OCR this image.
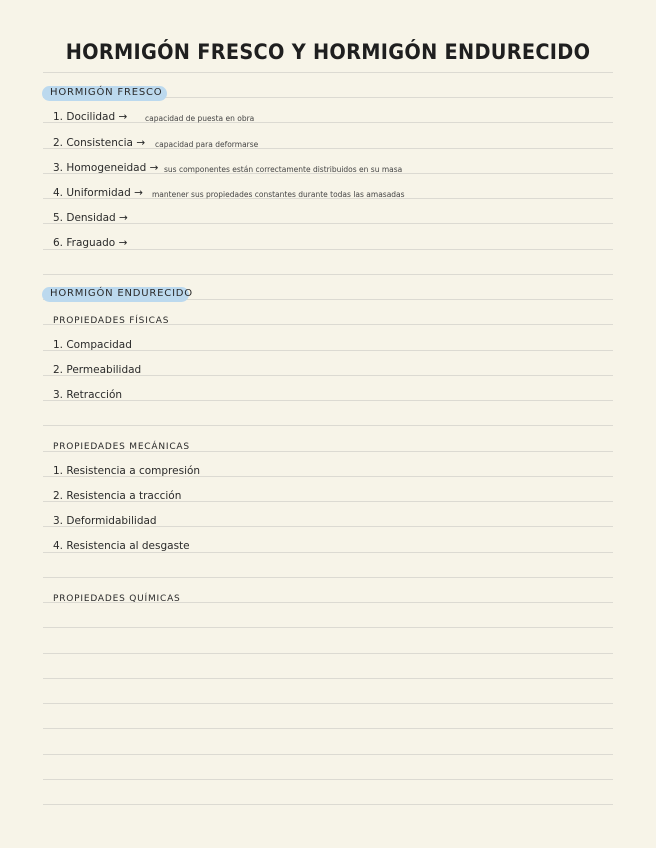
HORMIGÓN FRESCO Y HORMIGÓN ENDURECIDO
HORMIGÓN FRESCO
1. Docilidad → capacidad de puesta en obra
2. Consistencia → capacidad para deformarse
3. Homogeneidad → sus componentes están correctamente distribuidos en su masa
4. Uniformidad → mantener sus propiedades constantes durante todas las amasadas
5. Densidad →
6. Fraguado →
HORMIGÓN ENDURECIDO
PROPIEDADES FÍSICAS
1. Compacidad
2. Permeabilidad
3. Retracción
PROPIEDADES MECÁNICAS
1. Resistencia a compresión
2. Resistencia a tracción
3. Deformidabilidad
4. Resistencia al desgaste
PROPIEDADES QUÍMICAS
